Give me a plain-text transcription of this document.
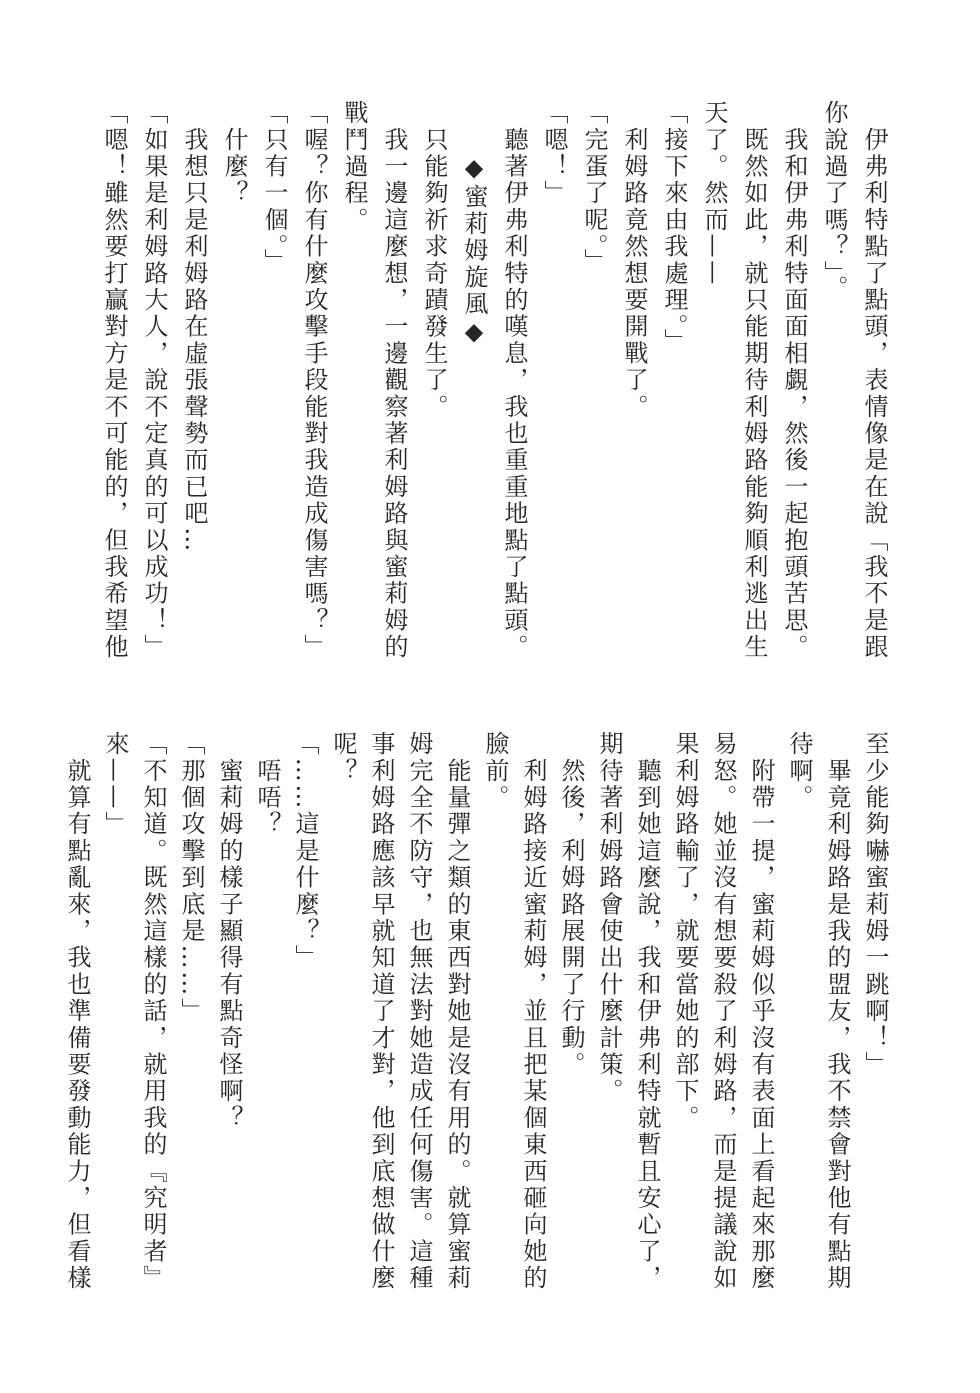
　伊弗利特點了點頭，表情像是在說「我不是跟
你說過了嗎？」。
　我和伊弗利特面面相覷，然後一起抱頭苦思。
　既然如此，就只能期待利姆路能夠順利逃出生
天了。然而——
「接下來由我處理。」
　利姆路竟然想要開戰了。
「完蛋了呢。」
「嗯！」
　聽著伊弗利特的嘆息，我也重重地點了點頭。
　　◆蜜莉姆旋風◆
　只能夠祈求奇蹟發生了。
　我一邊這麼想，一邊觀察著利姆路與蜜莉姆的
戰鬥過程。
「喔？你有什麼攻擊手段能對我造成傷害嗎？」
「只有一個。」
　什麼？
　我想只是利姆路在虛張聲勢而已吧…
「如果是利姆路大人，說不定真的可以成功！」
「嗯！雖然要打贏對方是不可能的，但我希望他
至少能夠嚇蜜莉姆一跳啊！」
　畢竟利姆路是我的盟友，我不禁會對他有點期
待啊。
　附帶一提，蜜莉姆似乎沒有表面上看起來那麼
易怒。她並沒有想要殺了利姆路，而是提議說如
果利姆路輸了，就要當她的部下。
　聽到她這麼說，我和伊弗利特就暫且安心了，
期待著利姆路會使出什麼計策。
　然後，利姆路展開了行動。
　利姆路接近蜜莉姆，並且把某個東西砸向她的
臉前。
　能量彈之類的東西對她是沒有用的。就算蜜莉
姆完全不防守，也無法對她造成任何傷害。這種
事利姆路應該早就知道了才對，他到底想做什麼
呢？
「……這是什麼？」
　唔唔？
　蜜莉姆的樣子顯得有點奇怪啊？
「那個攻擊到底是……」
「不知道。既然這樣的話，就用我的『究明者』
來——」
　就算有點亂來，我也準備要發動能力，但看樣
